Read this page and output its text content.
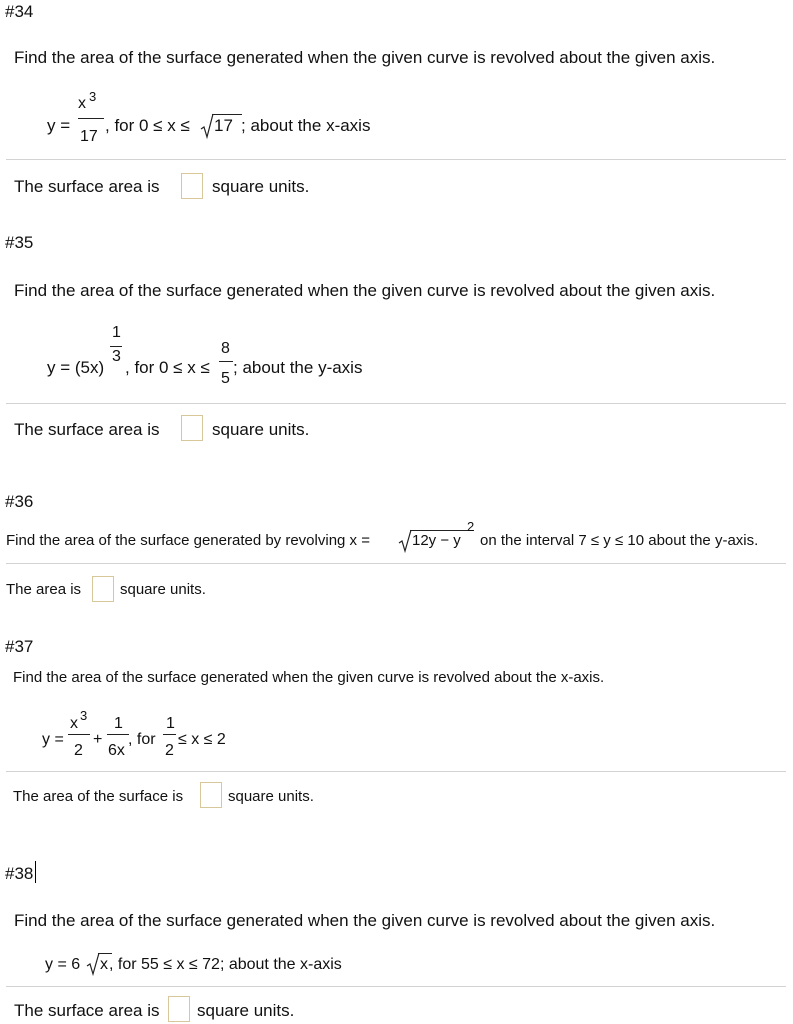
#34
Find the area of the surface generated when the given curve is revolved about the given axis.
y =
x 3
17
, for 0 ≤ x ≤ 17 ; about the x-axis
The surface area is	square units.
#35
Find the area of the surface generated when the given curve is revolved about the given axis.
y = (5x)
1
3
, for 0 ≤ x ≤
8
5
; about the y-axis
The surface area is	square units.
#36
Find the area of the surface generated by revolving x =	12y − y
2
on the interval 7 ≤ y ≤ 10 about the y-axis.
The area is	square units.
#37
Find the area of the surface generated when the given curve is revolved about the x-axis.
y =
x 3
2
+
1
6x
, for
1
2
≤ x ≤ 2
The area of the surface is	square units.
#38
Find the area of the surface generated when the given curve is revolved about the given axis.
y = 6 x , for 55 ≤ x ≤ 72; about the x-axis
The surface area is square units.
